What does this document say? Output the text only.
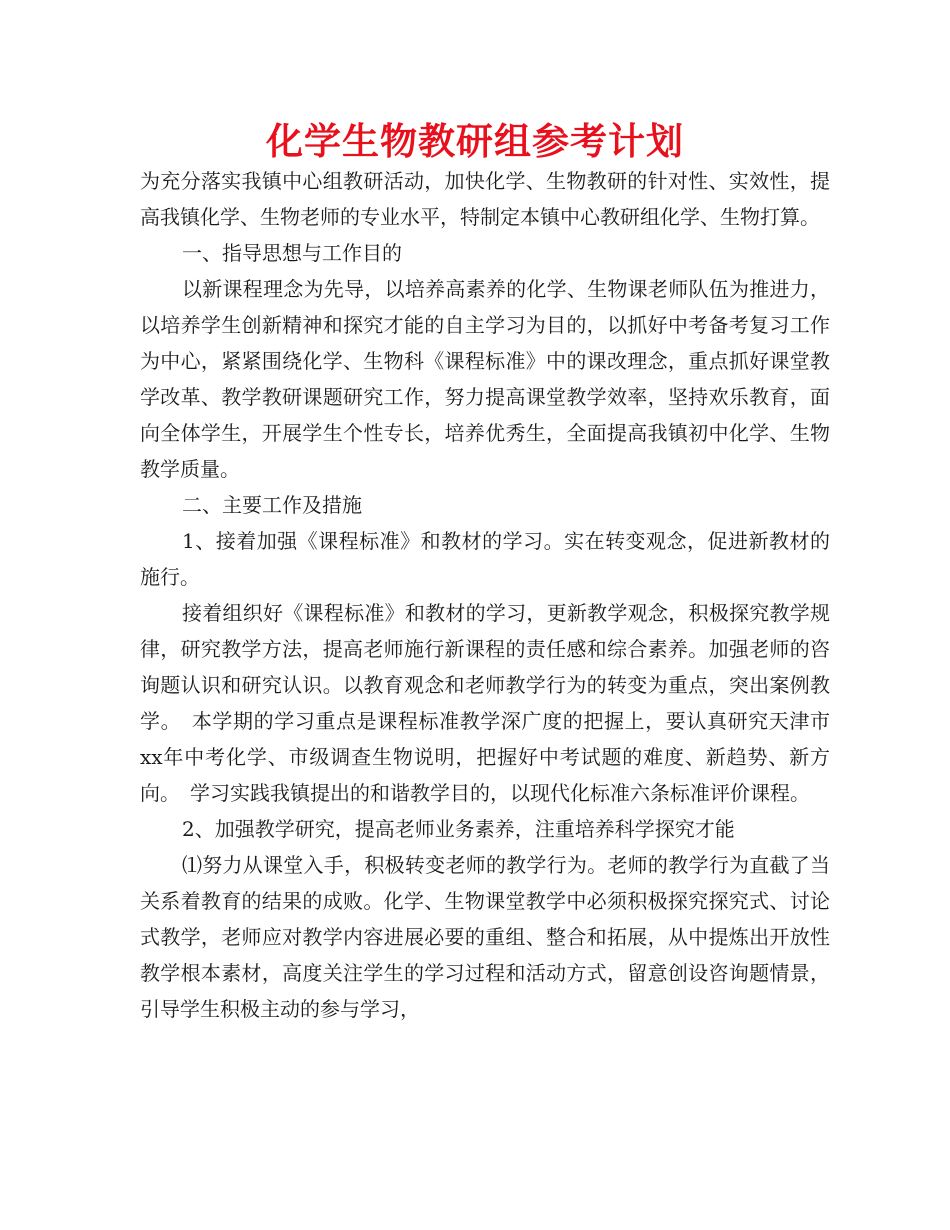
化学生物教研组参考计划

为充分落实我镇中心组教研活动，加快化学、生物教研的针对性、实效性，提高我镇化学、生物老师的专业水平，特制定本镇中心教研组化学、生物打算。

一、指导思想与工作目的

以新课程理念为先导，以培养高素养的化学、生物课老师队伍为推进力，以培养学生创新精神和探究才能的自主学习为目的，以抓好中考备考复习工作为中心，紧紧围绕化学、生物科《课程标准》中的课改理念，重点抓好课堂教学改革、教学教研课题研究工作，努力提高课堂教学效率，坚持欢乐教育，面向全体学生，开展学生个性专长，培养优秀生，全面提高我镇初中化学、生物教学质量。

二、主要工作及措施

1、接着加强《课程标准》和教材的学习。实在转变观念，促进新教材的施行。

接着组织好《课程标准》和教材的学习，更新教学观念，积极探究教学规律，研究教学方法，提高老师施行新课程的责任感和综合素养。加强老师的咨询题认识和研究认识。以教育观念和老师教学行为的转变为重点，突出案例教学。　本学期的学习重点是课程标准教学深广度的把握上，要认真研究天津市xx年中考化学、市级调查生物说明，把握好中考试题的难度、新趋势、新方向。　学习实践我镇提出的和谐教学目的，以现代化标准六条标准评价课程。

2、加强教学研究，提高老师业务素养，注重培养科学探究才能

⑴努力从课堂入手，积极转变老师的教学行为。老师的教学行为直截了当关系着教育的结果的成败。化学、生物课堂教学中必须积极探究探究式、讨论式教学，老师应对教学内容进展必要的重组、整合和拓展，从中提炼出开放性教学根本素材，高度关注学生的学习过程和活动方式，留意创设咨询题情景，引导学生积极主动的参与学习，
